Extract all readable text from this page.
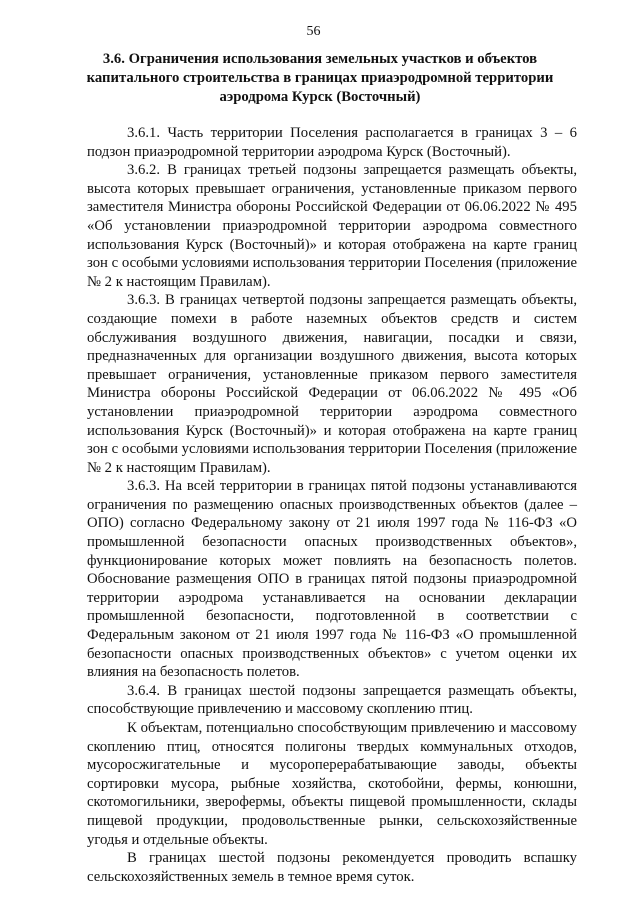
56
3.6. Ограничения использования земельных участков и объектов
капитального строительства в границах приаэродромной территории
аэродрома Курск (Восточный)

3.6.1. Часть территории Поселения располагается в границах 3 – 6 подзон приаэродромной территории аэродрома Курск (Восточный).

3.6.2. В границах третьей подзоны запрещается размещать объекты, высота которых превышает ограничения, установленные приказом первого заместителя Министра обороны Российской Федерации от 06.06.2022 № 495 «Об установлении приаэродромной территории аэродрома совместного использования Курск (Восточный)» и которая отображена на карте границ зон с особыми условиями использования территории Поселения (приложение № 2 к настоящим Правилам).

3.6.3. В границах четвертой подзоны запрещается размещать объекты, создающие помехи в работе наземных объектов средств и систем обслуживания воздушного движения, навигации, посадки и связи, предназначенных для организации воздушного движения, высота которых превышает ограничения, установленные приказом первого заместителя Министра обороны Российской Федерации от 06.06.2022 № 495 «Об установлении приаэродромной территории аэродрома совместного использования Курск (Восточный)» и которая отображена на карте границ зон с особыми условиями использования территории Поселения (приложение № 2 к настоящим Правилам).

3.6.3. На всей территории в границах пятой подзоны устанавливаются ограничения по размещению опасных производственных объектов (далее – ОПО) согласно Федеральному закону от 21 июля 1997 года № 116-ФЗ «О промышленной безопасности опасных производственных объектов», функционирование которых может повлиять на безопасность полетов. Обоснование размещения ОПО в границах пятой подзоны приаэродромной территории аэродрома устанавливается на основании декларации промышленной безопасности, подготовленной в соответствии с Федеральным законом от 21 июля 1997 года № 116-ФЗ «О промышленной безопасности опасных производственных объектов» с учетом оценки их влияния на безопасность полетов.

3.6.4. В границах шестой подзоны запрещается размещать объекты, способствующие привлечению и массовому скоплению птиц.

К объектам, потенциально способствующим привлечению и массовому скоплению птиц, относятся полигоны твердых коммунальных отходов, мусоросжигательные и мусороперерабатывающие заводы, объекты сортировки мусора, рыбные хозяйства, скотобойни, фермы, конюшни, скотомогильники, зверофермы, объекты пищевой промышленности, склады пищевой продукции, продовольственные рынки, сельскохозяйственные угодья и отдельные объекты.

В границах шестой подзоны рекомендуется проводить вспашку сельскохозяйственных земель в темное время суток.
